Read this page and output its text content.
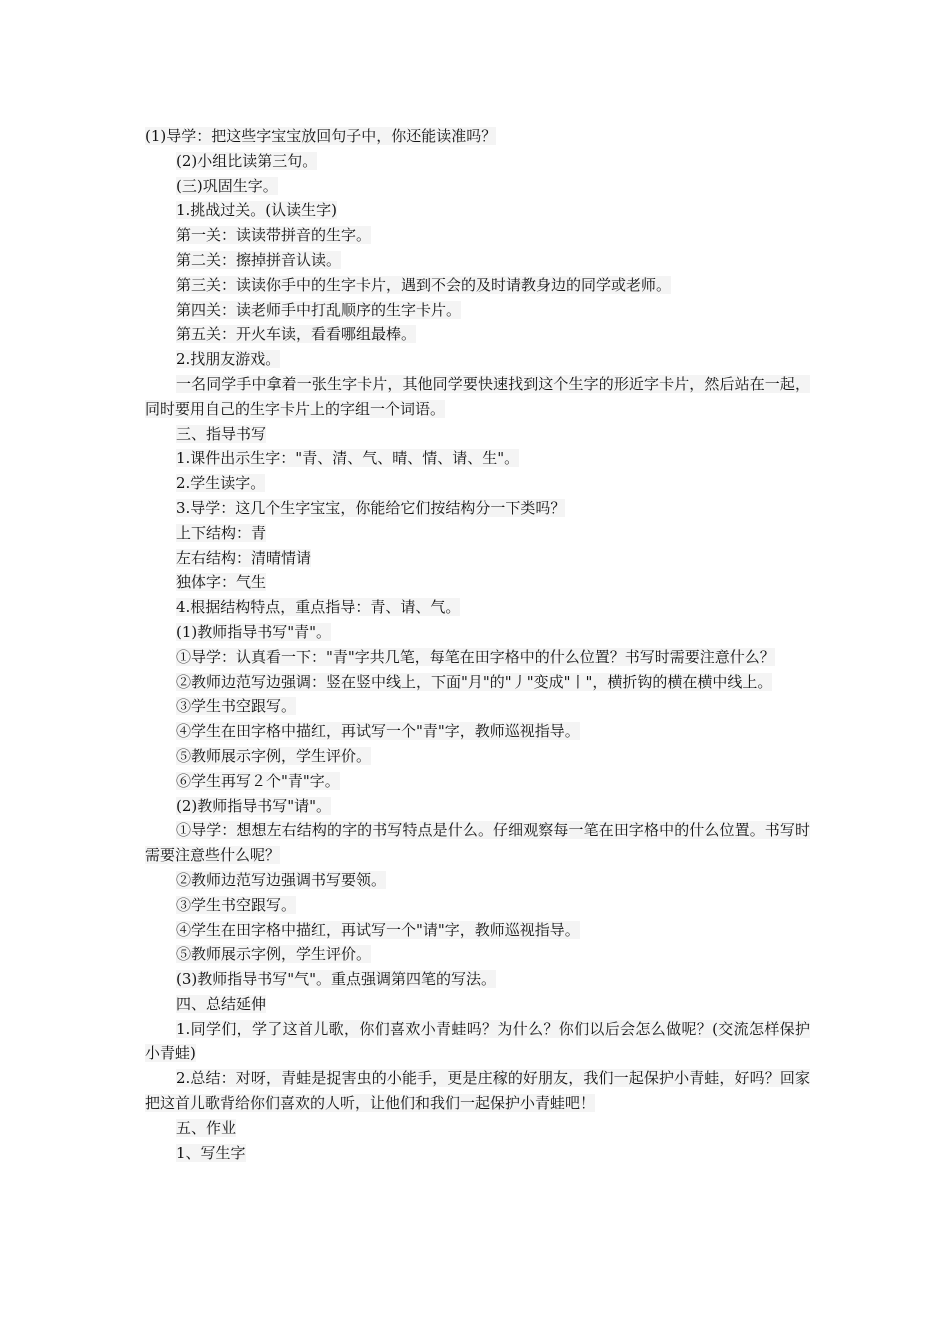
(1)导学：把这些字宝宝放回句子中，你还能读准吗？
(2)小组比读第三句。
(三)巩固生字。
1.挑战过关。(认读生字)
第一关：读读带拼音的生字。
第二关：擦掉拼音认读。
第三关：读读你手中的生字卡片，遇到不会的及时请教身边的同学或老师。
第四关：读老师手中打乱顺序的生字卡片。
第五关：开火车读，看看哪组最棒。
2.找朋友游戏。
一名同学手中拿着一张生字卡片，其他同学要快速找到这个生字的形近字卡片，然后站在一起，同时要用自己的生字卡片上的字组一个词语。
三、指导书写
1.课件出示生字："青、清、气、晴、情、请、生"。
2.学生读字。
3.导学：这几个生字宝宝，你能给它们按结构分一下类吗？
上下结构：青
左右结构：清晴情请
独体字：气生
4.根据结构特点，重点指导：青、请、气。
(1)教师指导书写"青"。
①导学：认真看一下："青"字共几笔，每笔在田字格中的什么位置？书写时需要注意什么？
②教师边范写边强调：竖在竖中线上，下面"月"的"丿"变成"丨"，横折钩的横在横中线上。
③学生书空跟写。
④学生在田字格中描红，再试写一个"青"字，教师巡视指导。
⑤教师展示字例，学生评价。
⑥学生再写２个"青"字。
(2)教师指导书写"请"。
①导学：想想左右结构的字的书写特点是什么。仔细观察每一笔在田字格中的什么位置。书写时需要注意些什么呢？
②教师边范写边强调书写要领。
③学生书空跟写。
④学生在田字格中描红，再试写一个"请"字，教师巡视指导。
⑤教师展示字例，学生评价。
(3)教师指导书写"气"。重点强调第四笔的写法。
四、总结延伸
1.同学们，学了这首儿歌，你们喜欢小青蛙吗？为什么？你们以后会怎么做呢？(交流怎样保护小青蛙)
2.总结：对呀，青蛙是捉害虫的小能手，更是庄稼的好朋友，我们一起保护小青蛙，好吗？回家把这首儿歌背给你们喜欢的人听，让他们和我们一起保护小青蛙吧！
五、作业
1、写生字
